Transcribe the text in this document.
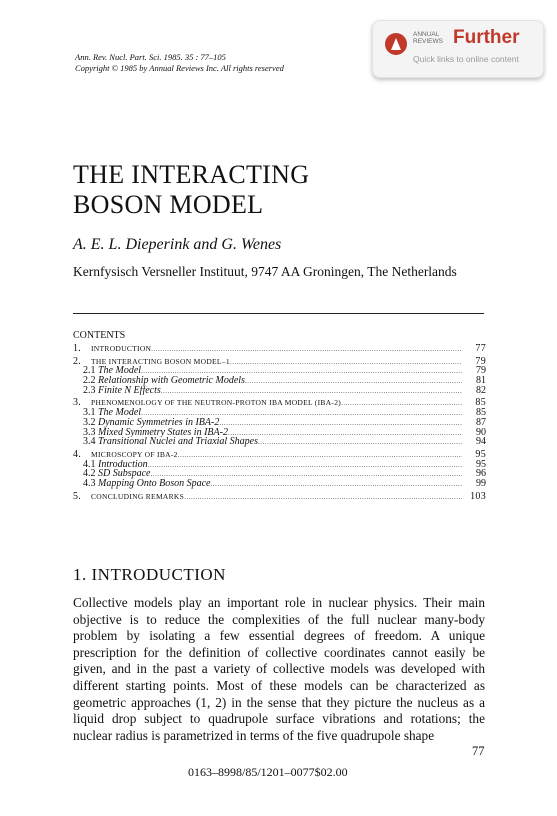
Ann. Rev. Nucl. Part. Sci. 1985. 35 : 77–105
Copyright © 1985 by Annual Reviews Inc. All rights reserved
ANNUAL REVIEWS Further
Quick links to online content
THE INTERACTING
BOSON MODEL
A. E. L. Dieperink and G. Wenes
Kernfysisch Versneller Instituut, 9747 AA Groningen, The Netherlands
CONTENTS
1.	INTRODUCTION .....	77
2.	THE INTERACTING BOSON MODEL–1 .....	79
2.1 The Model .....	79
2.2 Relationship with Geometric Models .....	81
2.3 Finite N Effects .....	82
3.	PHENOMENOLOGY OF THE NEUTRON-PROTON IBA MODEL (IBA-2) .....	85
3.1 The Model .....	85
3.2 Dynamic Symmetries in IBA-2 .....	87
3.3 Mixed Symmetry States in IBA-2 .....	90
3.4 Transitional Nuclei and Triaxial Shapes .....	94
4.	MICROSCOPY OF IBA-2 .....	95
4.1 Introduction .....	95
4.2 SD Subspace .....	96
4.3 Mapping Onto Boson Space .....	99
5.	CONCLUDING REMARKS .....	103
1. INTRODUCTION
Collective models play an important role in nuclear physics. Their main objective is to reduce the complexities of the full nuclear many-body problem by isolating a few essential degrees of freedom. A unique prescription for the definition of collective coordinates cannot easily be given, and in the past a variety of collective models was developed with different starting points. Most of these models can be characterized as geometric approaches (1, 2) in the sense that they picture the nucleus as a liquid drop subject to quadrupole surface vibrations and rotations; the nuclear radius is parametrized in terms of the five quadrupole shape
77
0163–8998/85/1201–0077$02.00
